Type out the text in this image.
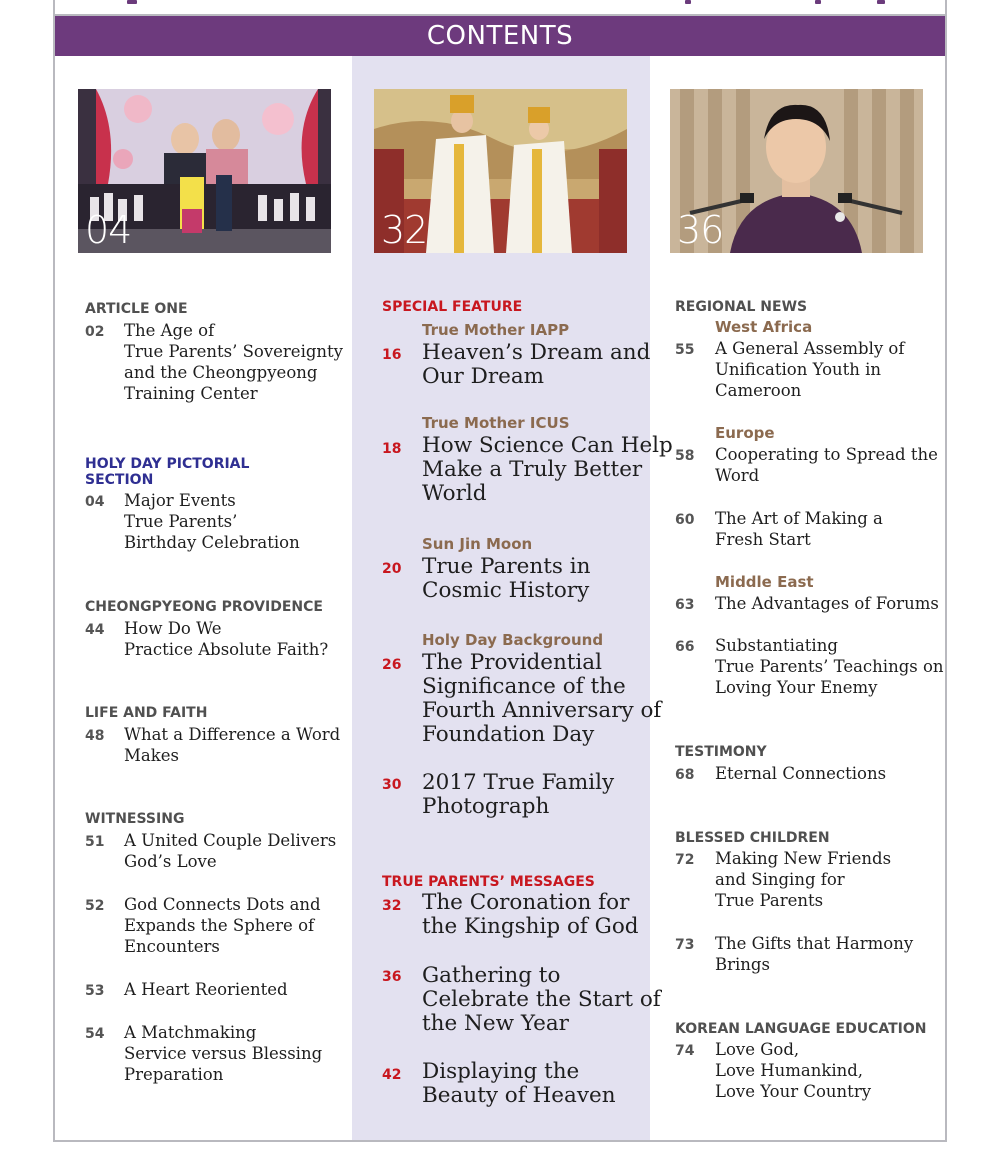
CONTENTS
04	32	36
ARTICLE ONE
02 The Age of
True Parents’ Sovereignty
and the Cheongpyeong
Training Center
HOLY DAY PICTORIAL
SECTION
04 Major Events
True Parents’
Birthday Celebration
CHEONGPYEONG PROVIDENCE
44 How Do We
Practice Absolute Faith?
LIFE AND FAITH
48 What a Difference a Word
Makes
WITNESSING
51 A United Couple Delivers
God’s Love
52 God Connects Dots and
Expands the Sphere of
Encounters
53 A Heart Reoriented
54 A Matchmaking
Service versus Blessing
Preparation
SPECIAL FEATURE
True Mother IAPP
16 Heaven’s Dream and
Our Dream
True Mother ICUS
18 How Science Can Help
Make a Truly Better
World
Sun Jin Moon
20 True Parents in
Cosmic History
Holy Day Background
26 The Providential
Significance of the
Fourth Anniversary of
Foundation Day
30 2017 True Family
Photograph
TRUE PARENTS’ MESSAGES
32 The Coronation for
the Kingship of God
36 Gathering to
Celebrate the Start of
the New Year
42 Displaying the
Beauty of Heaven
REGIONAL NEWS
West Africa
55 A General Assembly of
Unification Youth in
Cameroon
Europe
58 Cooperating to Spread the
Word
60 The Art of Making a
Fresh Start
Middle East
63 The Advantages of Forums
66 Substantiating
True Parents’ Teachings on
Loving Your Enemy
TESTIMONY
68 Eternal Connections
BLESSED CHILDREN
72 Making New Friends
and Singing for
True Parents
73 The Gifts that Harmony
Brings
KOREAN LANGUAGE EDUCATION
74 Love God,
Love Humankind,
Love Your Country
